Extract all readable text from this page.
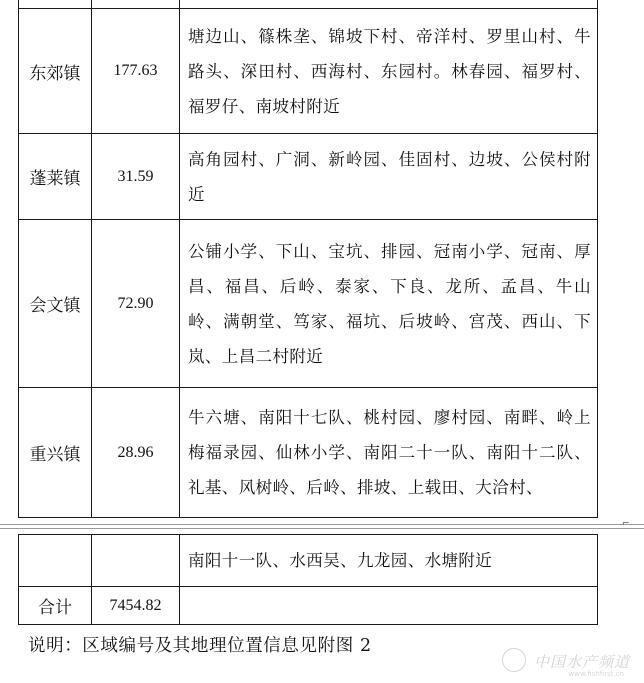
东郊镇	177.63	塘边山、篠株垄、锦坡下村、帝洋村、罗里山村、牛路头、深田村、西海村、东园村。林春园、福罗村、福罗仔、南坡村附近

蓬莱镇	31.59	高角园村、广洞、新岭园、佳固村、边坡、公侯村附近

会文镇	72.90	公铺小学、下山、宝坑、排园、冠南小学、冠南、厚昌、福昌、后岭、泰家、下良、龙所、孟昌、牛山岭、满朝堂、笃家、福坑、后坡岭、宫茂、西山、下岚、上昌二村附近

重兴镇	28.96	牛六塘、南阳十七队、桃村园、廖村园、南畔、岭上梅福录园、仙林小学、南阳二十一队、南阳十二队、礼基、风树岭、后岭、排坡、上载田、大洽村、
⌐

		南阳十一队、水西吴、九龙园、水塘附近

合计	7454.82	
说明：区域编号及其地理位置信息见附图 2
中国水产频道
www.fishfirst.cn
